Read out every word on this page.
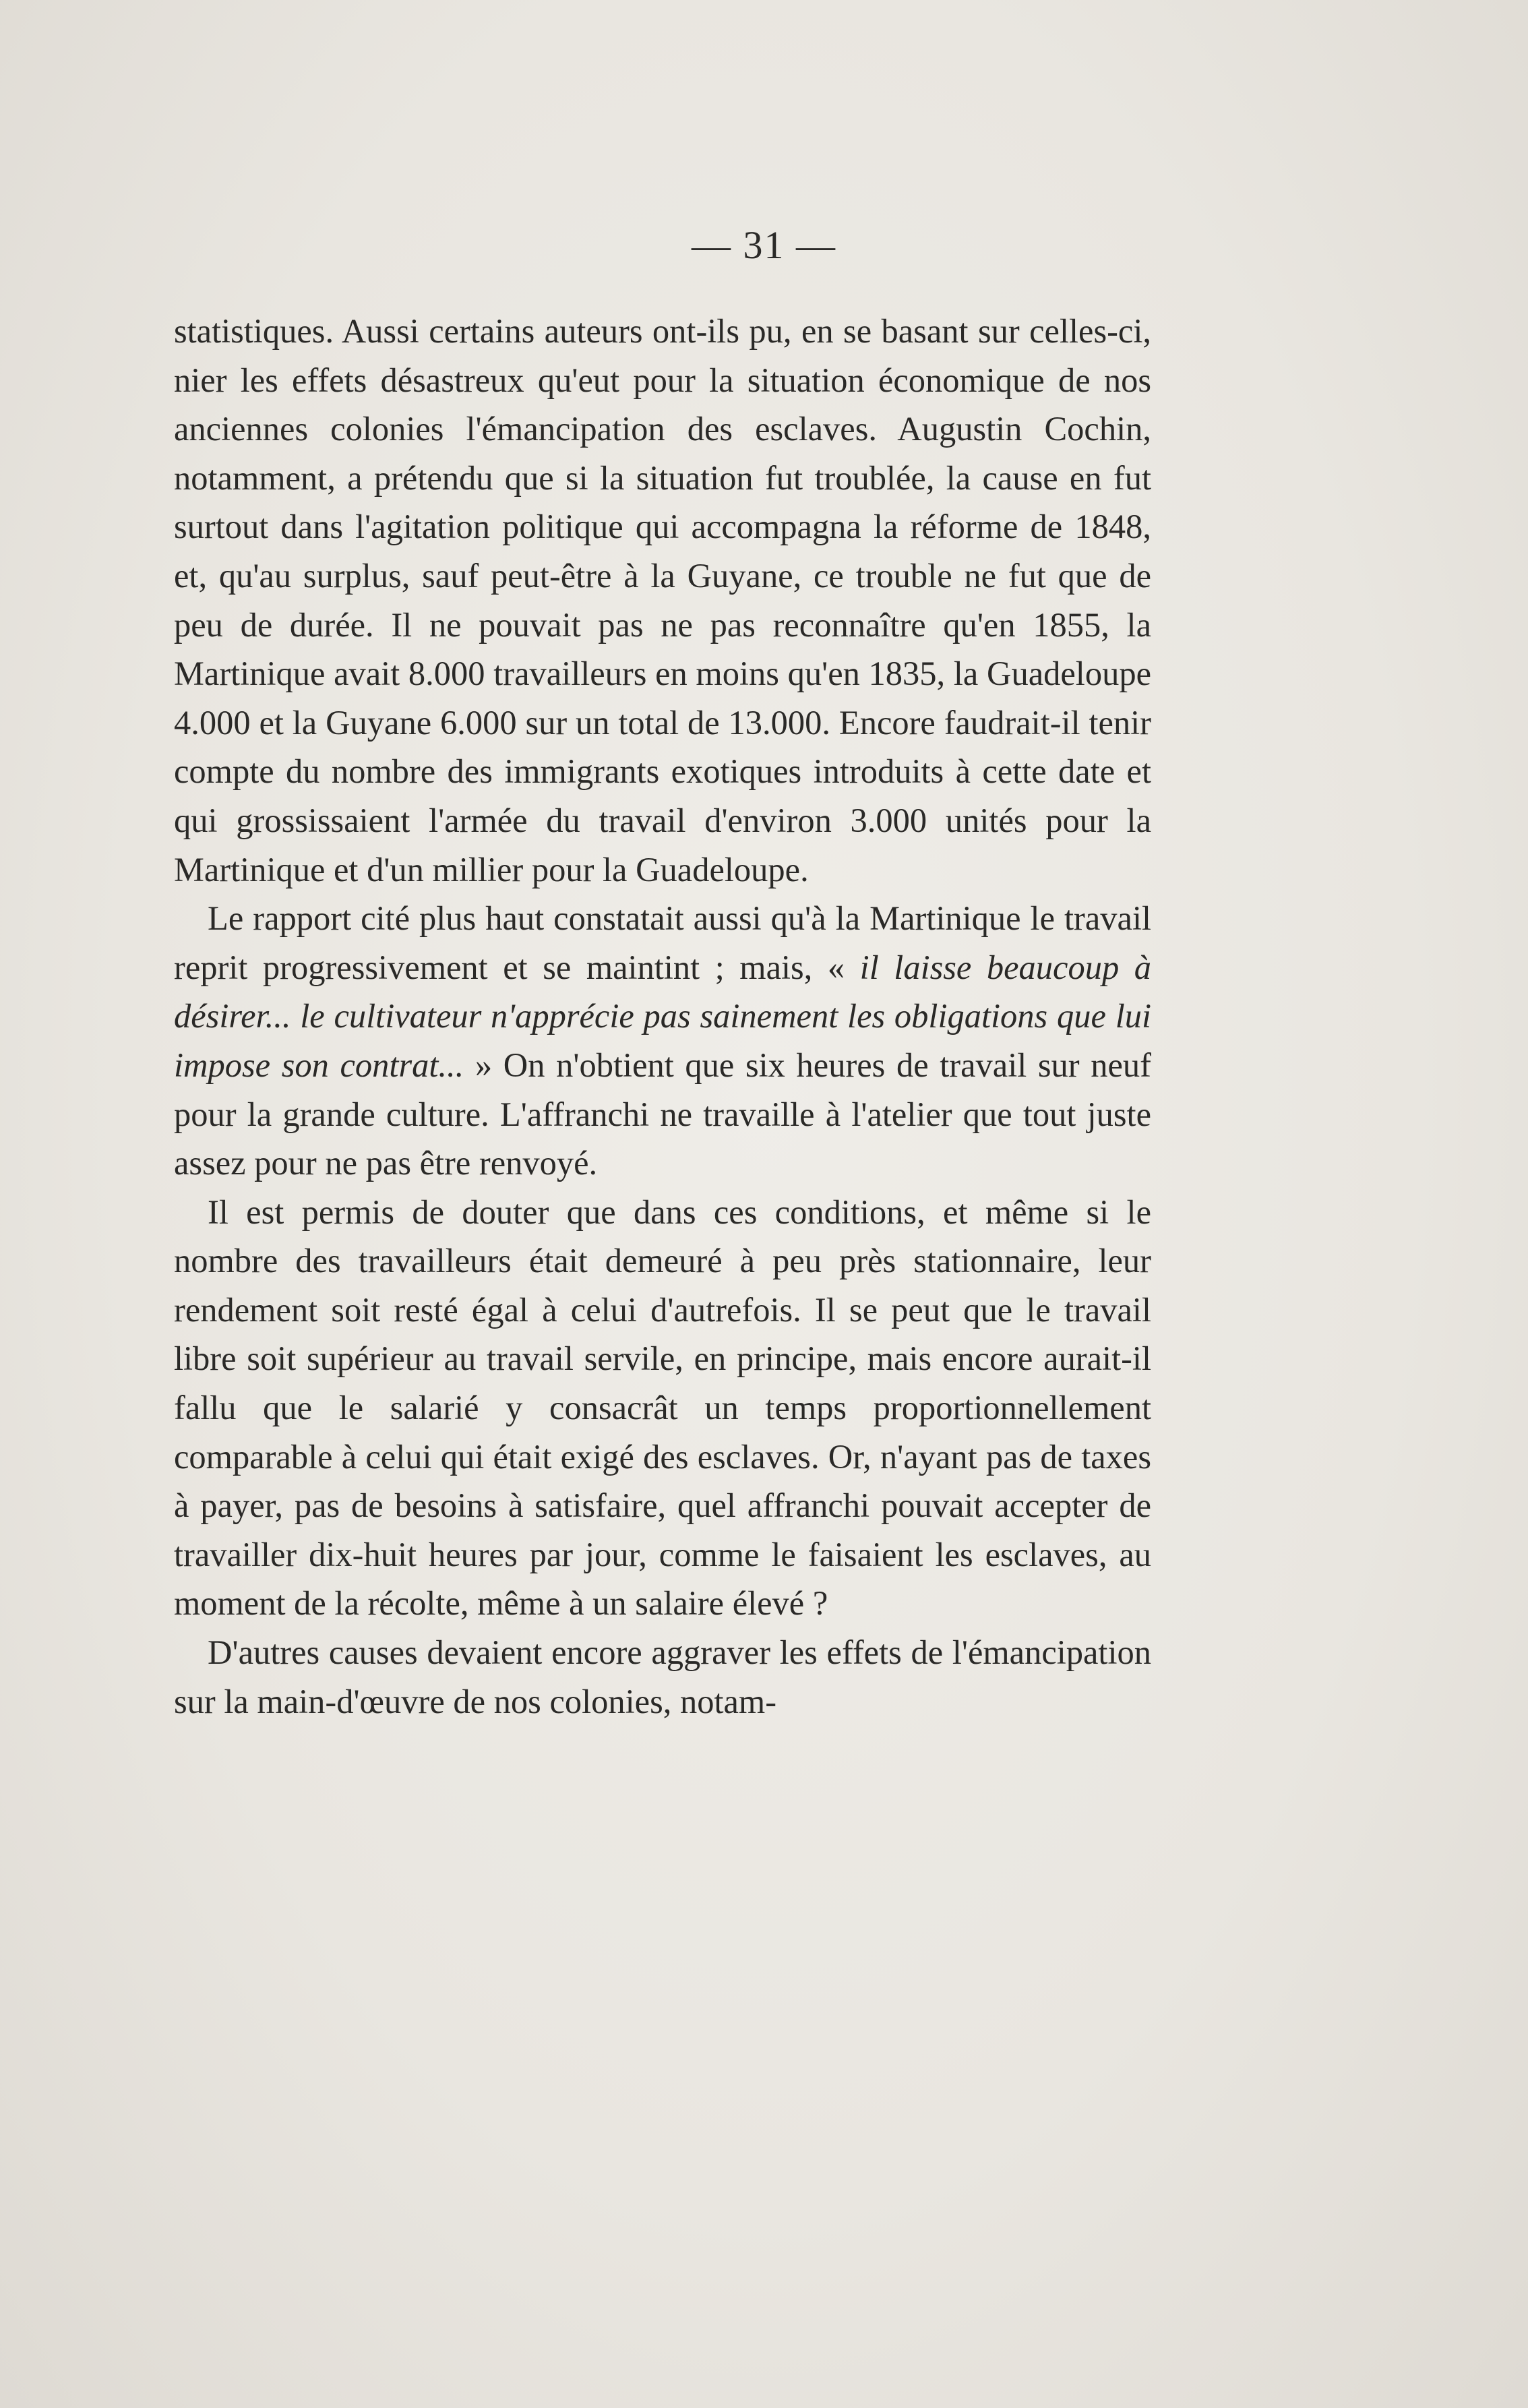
— 31 —

statistiques. Aussi certains auteurs ont-ils pu, en se basant sur celles-ci, nier les effets désastreux qu'eut pour la situation économique de nos anciennes colonies l'émancipation des esclaves. Augustin Cochin, notamment, a prétendu que si la situation fut troublée, la cause en fut surtout dans l'agitation politique qui accompagna la réforme de 1848, et, qu'au surplus, sauf peut-être à la Guyane, ce trouble ne fut que de peu de durée. Il ne pouvait pas ne pas reconnaître qu'en 1855, la Martinique avait 8.000 travailleurs en moins qu'en 1835, la Guadeloupe 4.000 et la Guyane 6.000 sur un total de 13.000. Encore faudrait-il tenir compte du nombre des immigrants exotiques introduits à cette date et qui grossissaient l'armée du travail d'environ 3.000 unités pour la Martinique et d'un millier pour la Guadeloupe.

Le rapport cité plus haut constatait aussi qu'à la Martinique le travail reprit progressivement et se maintint ; mais, « il laisse beaucoup à désirer... le cultivateur n'apprécie pas sainement les obligations que lui impose son contrat... » On n'obtient que six heures de travail sur neuf pour la grande culture. L'affranchi ne travaille à l'atelier que tout juste assez pour ne pas être renvoyé.

Il est permis de douter que dans ces conditions, et même si le nombre des travailleurs était demeuré à peu près stationnaire, leur rendement soit resté égal à celui d'autrefois. Il se peut que le travail libre soit supérieur au travail servile, en principe, mais encore aurait-il fallu que le salarié y consacrât un temps proportionnellement comparable à celui qui était exigé des esclaves. Or, n'ayant pas de taxes à payer, pas de besoins à satisfaire, quel affranchi pouvait accepter de travailler dix-huit heures par jour, comme le faisaient les esclaves, au moment de la récolte, même à un salaire élevé ?

D'autres causes devaient encore aggraver les effets de l'émancipation sur la main-d'œuvre de nos colonies, notam-
